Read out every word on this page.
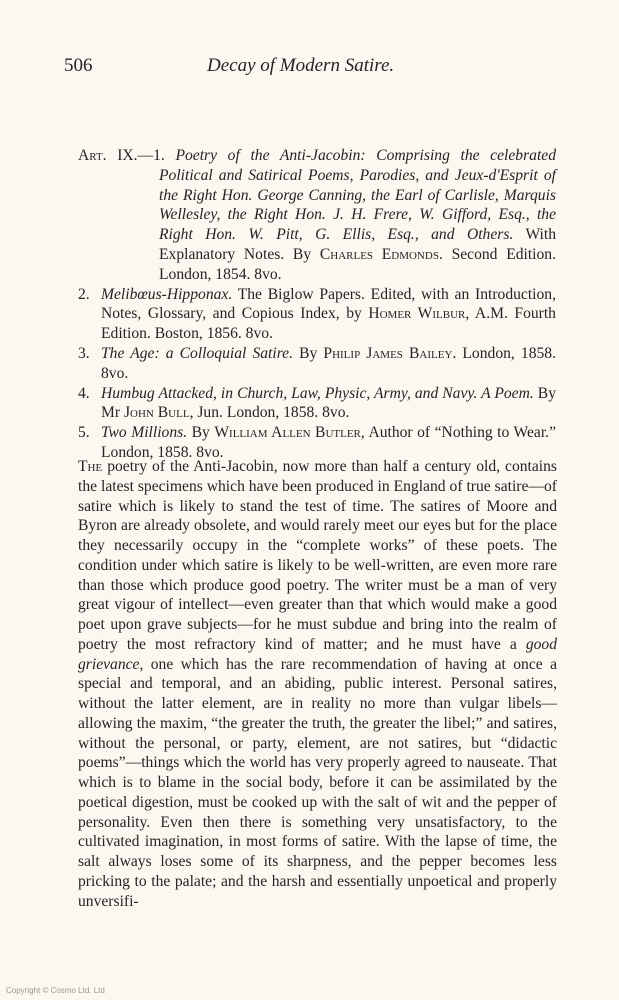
506	Decay of Modern Satire.

Art. IX.—1. Poetry of the Anti-Jacobin: Comprising the celebrated Political and Satirical Poems, Parodies, and Jeux-d'Esprit of the Right Hon. George Canning, the Earl of Carlisle, Marquis Wellesley, the Right Hon. J. H. Frere, W. Gifford, Esq., the Right Hon. W. Pitt, G. Ellis, Esq., and Others. With Explanatory Notes. By Charles Edmonds. Second Edition. London, 1854. 8vo.

2. Melibœus-Hipponax. The Biglow Papers. Edited, with an Introduction, Notes, Glossary, and Copious Index, by Homer Wilbur, A.M. Fourth Edition. Boston, 1856. 8vo.

3. The Age: a Colloquial Satire. By Philip James Bailey. London, 1858. 8vo.

4. Humbug Attacked, in Church, Law, Physic, Army, and Navy. A Poem. By Mr John Bull, Jun. London, 1858. 8vo.

5. Two Millions. By William Allen Butler, Author of “Nothing to Wear.” London, 1858. 8vo.

The poetry of the Anti-Jacobin, now more than half a century old, contains the latest specimens which have been produced in England of true satire—of satire which is likely to stand the test of time. The satires of Moore and Byron are already obsolete, and would rarely meet our eyes but for the place they necessarily occupy in the “complete works” of these poets. The condition under which satire is likely to be well-written, are even more rare than those which produce good poetry. The writer must be a man of very great vigour of intellect—even greater than that which would make a good poet upon grave subjects—for he must subdue and bring into the realm of poetry the most refractory kind of matter; and he must have a good grievance, one which has the rare recommendation of having at once a special and temporal, and an abiding, public interest. Personal satires, without the latter element, are in reality no more than vulgar libels—allowing the maxim, “the greater the truth, the greater the libel;” and satires, without the personal, or party, element, are not satires, but “didactic poems”—things which the world has very properly agreed to nauseate. That which is to blame in the social body, before it can be assimilated by the poetical digestion, must be cooked up with the salt of wit and the pepper of personality. Even then there is something very unsatisfactory, to the cultivated imagination, in most forms of satire. With the lapse of time, the salt always loses some of its sharpness, and the pepper becomes less pricking to the palate; and the harsh and essentially unpoetical and properly unversifi-

Copyright © Cosmo Ltd. Ltd
